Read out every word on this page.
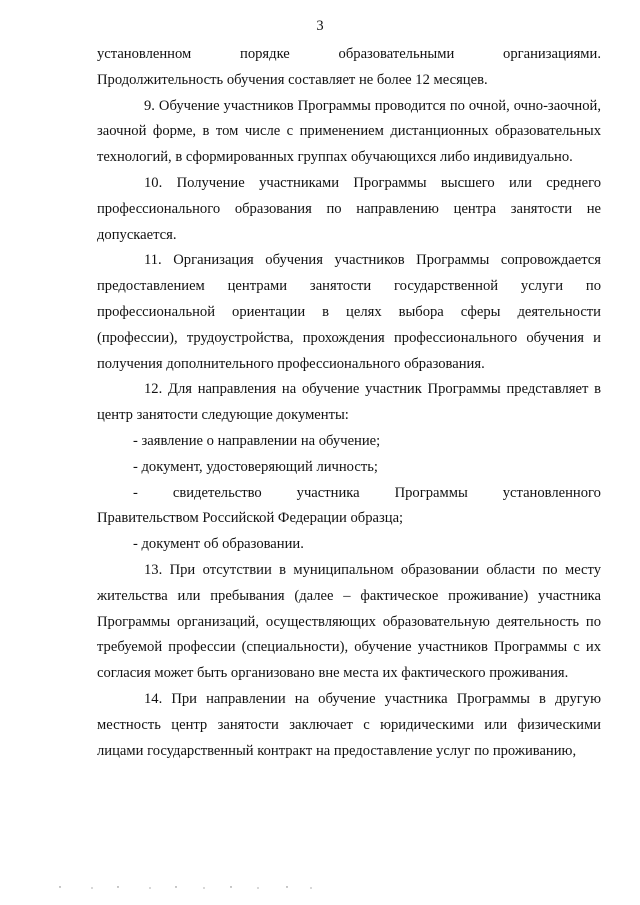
3

установленном порядке образовательными организациями.

Продолжительность обучения составляет не более 12 месяцев.

9. Обучение участников Программы проводится по очной, очно-заочной, заочной форме, в том числе с применением дистанционных образовательных технологий, в сформированных группах обучающихся либо индивидуально.

10. Получение участниками Программы высшего или среднего профессионального образования по направлению центра занятости не допускается.

11. Организация обучения участников Программы сопровождается предоставлением центрами занятости государственной услуги по профессиональной ориентации в целях выбора сферы деятельности (профессии), трудоустройства, прохождения профессионального обучения и получения дополнительного профессионального образования.

12. Для направления на обучение участник Программы представляет в центр занятости следующие документы:

- заявление о направлении на обучение;

- документ, удостоверяющий личность;

- свидетельство участника Программы установленного

Правительством Российской Федерации образца;

- документ об образовании.

13. При отсутствии в муниципальном образовании области по месту жительства или пребывания (далее – фактическое проживание) участника Программы организаций, осуществляющих образовательную деятельность по требуемой профессии (специальности), обучение участников Программы с их согласия может быть организовано вне места их фактического проживания.

14. При направлении на обучение участника Программы в другую местность центр занятости заключает с юридическими или физическими лицами государственный контракт на предоставление услуг по проживанию,
